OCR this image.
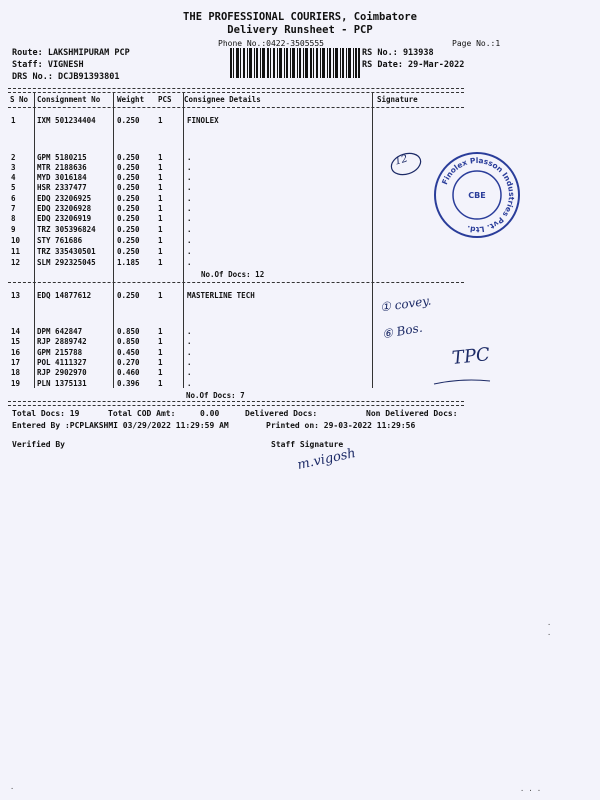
THE PROFESSIONAL COURIERS, Coimbatore
Delivery Runsheet - PCP
Phone No.:0422-3505555	Page No.:1
Route: LAKSHMIPURAM PCP
Staff: VIGNESH
DRS No.: DCJB91393801
RS No.: 913938
RS Date: 29-Mar-2022
S No Consignment No Weight PCS Consignee Details	Signature
1	IXM 501234404	0.250 1	FINOLEX
2	GPM 5180215	0.250 1	.
3	MTR 2188636	0.250 1	.
4	MYD 3016184	0.250 1	.
5	HSR 2337477	0.250 1	.
6	EDQ 23206925	0.250 1	.
7	EDQ 23206928	0.250 1	.
8	EDQ 23206919	0.250 1	.
9	TRZ 305396824	0.250 1	.
10 STY 761686	0.250 1	.
11 TRZ 335430501	0.250 1	.
12 SLM 292325045	1.185 1	.
No.Of Docs: 12
13 EDQ 14877612	0.250 1	MASTERLINE TECH
14 DPM 642847	0.850 1	.
15 RJP 2889742	0.850 1	.
16 GPM 215788	0.450 1	.
17 POL 4111327	0.270 1	.
18 RJP 2902970	0.460 1	.
19 PLN 1375131	0.396 1	.
No.Of Docs: 7
Total Docs: 19	Total COD Amt:	0.00	Delivered Docs:	Non Delivered Docs:
Entered By :PCPLAKSHMI 03/29/2022 11:29:59 AM	Printed on: 29-03-2022 11:29:56
Verified By	Staff Signature
12
① covey.
⑥ Bos.
TPC
m.vigosh
Finolex Plasson Industries Pvt. Ltd.
CBE
·
·
·	· · ·
